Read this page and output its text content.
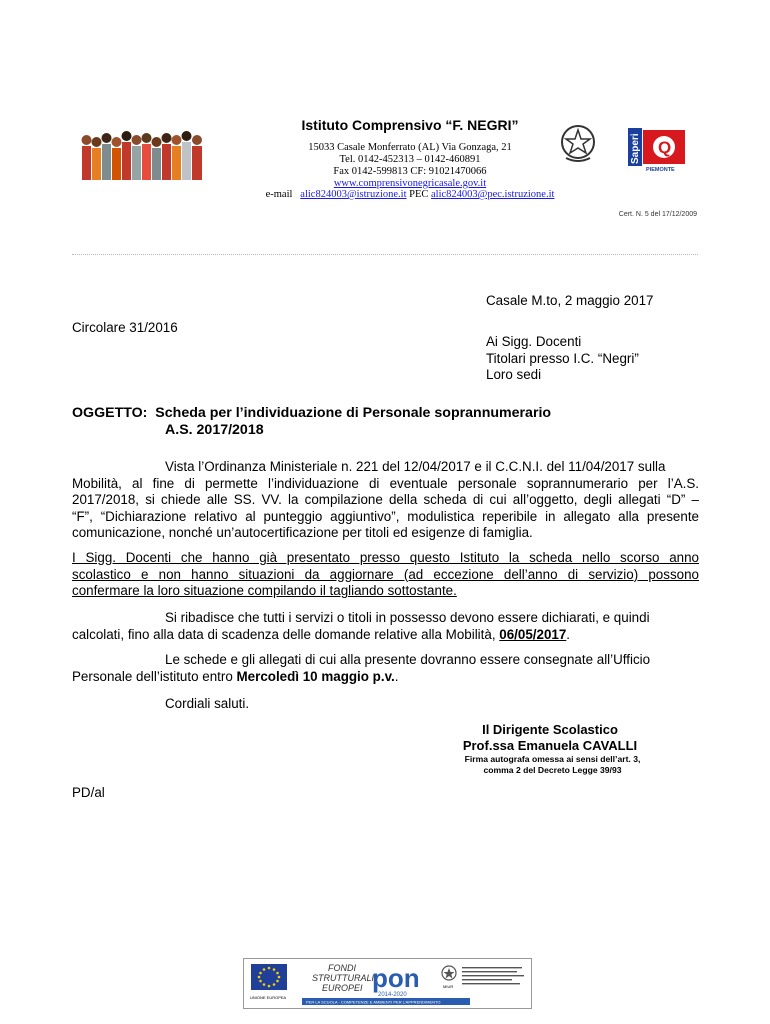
Saperi Q
PIEMONTE
Istituto Comprensivo “F. NEGRI”
15033 Casale Monferrato (AL) Via Gonzaga, 21
Tel. 0142-452313 – 0142-460891
Fax 0142-599813 CF: 91021470066
www.comprensivonegricasale.gov.it
e-mail alic824003@istruzione.it PEC alic824003@pec.istruzione.it
Cert. N. 5 del 17/12/2009
Casale M.to, 2 maggio 2017
Circolare 31/2016
Ai Sigg. Docenti
Titolari presso I.C. “Negri”
Loro sedi
OGGETTO: Scheda per l’individuazione di Personale soprannumerario
A.S. 2017/2018
Vista l’Ordinanza Ministeriale n. 221 del 12/04/2017 e il C.C.N.I. del 11/04/2017 sulla
Mobilità, al fine di permette l’individuazione di eventuale personale soprannumerario per l’A.S.
2017/2018, si chiede alle SS. VV. la compilazione della scheda di cui all’oggetto, degli allegati “D” –
“F”, “Dichiarazione relativo al punteggio aggiuntivo”, modulistica reperibile in allegato alla presente
comunicazione, nonché un’autocertificazione per titoli ed esigenze di famiglia.
I Sigg. Docenti che hanno già presentato presso questo Istituto la scheda nello scorso anno
scolastico e non hanno situazioni da aggiornare (ad eccezione dell’anno di servizio) possono
confermare la loro situazione compilando il tagliando sottostante.
Si ribadisce che tutti i servizi o titoli in possesso devono essere dichiarati, e quindi
calcolati, fino alla data di scadenza delle domande relative alla Mobilità, 06/05/2017.
Le schede e gli allegati di cui alla presente dovranno essere consegnate all’Ufficio
Personale dell’istituto entro Mercoledì 10 maggio p.v..
Cordiali saluti.
Il Dirigente Scolastico
Prof.ssa Emanuela CAVALLI
Firma autografa omessa ai sensi dell’art. 3,
comma 2 del Decreto Legge 39/93
PD/al
UNIONE EUROPEA
FONDI
STRUTTURALI
EUROPEI pon
2014-2020
PER LA SCUOLA - COMPETENZE E AMBIENTI PER L'APPRENDIMENTO
MIUR
